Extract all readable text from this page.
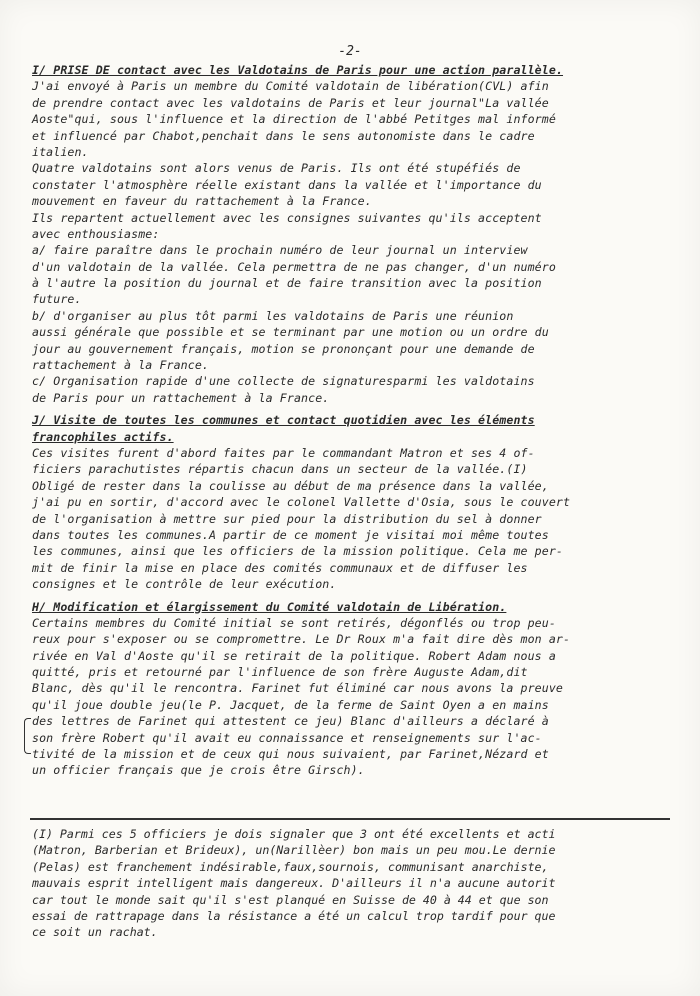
-2-
I/ PRISE DE contact avec les Valdotains de Paris pour une action parallèle.
J'ai envoyé à Paris un membre du Comité valdotain de libération(CVL) afin
de prendre contact avec les valdotains de Paris et leur journal"La vallée
Aoste"qui, sous l'influence et la direction de l'abbé Petitges mal informé
et influencé par Chabot,penchait dans le sens autonomiste dans le cadre
italien.
Quatre valdotains sont alors venus de Paris. Ils ont été stupéfiés de
constater l'atmosphère réelle existant dans la vallée et l'importance du
mouvement en faveur du rattachement à la France.
Ils repartent actuellement avec les consignes suivantes qu'ils acceptent
avec enthousiasme:
a/ faire paraître dans le prochain numéro de leur journal un interview
d'un valdotain de la vallée. Cela permettra de ne pas changer, d'un numéro
à l'autre la position du journal et de faire transition avec la position
future.
b/ d'organiser au plus tôt parmi les valdotains de Paris une réunion
aussi générale que possible et se terminant par une motion ou un ordre du
jour au gouvernement français, motion se prononçant pour une demande de
rattachement à la France.
c/ Organisation rapide d'une collecte de signaturesparmi les valdotains
de Paris pour un rattachement à la France.
J/ Visite de toutes les communes et contact quotidien avec les éléments
francophiles actifs.
Ces visites furent d'abord faites par le commandant Matron et ses 4 of-
ficiers parachutistes répartis chacun dans un secteur de la vallée.(I)
Obligé de rester dans la coulisse au début de ma présence dans la vallée,
j'ai pu en sortir, d'accord avec le colonel Vallette d'Osia, sous le couvert
de l'organisation à mettre sur pied pour la distribution du sel à donner
dans toutes les communes.A partir de ce moment je visitai moi même toutes
les communes, ainsi que les officiers de la mission politique. Cela me per-
mit de finir la mise en place des comités communaux et de diffuser les
consignes et le contrôle de leur exécution.
H/ Modification et élargissement du Comité valdotain de Libération.
Certains membres du Comité initial se sont retirés, dégonflés ou trop peu-
reux pour s'exposer ou se compromettre. Le Dr Roux m'a fait dire dès mon ar-
rivée en Val d'Aoste qu'il se retirait de la politique. Robert Adam nous a
quitté, pris et retourné par l'influence de son frère Auguste Adam,dit
Blanc, dès qu'il le rencontra. Farinet fut éliminé car nous avons la preuve
qu'il joue double jeu(le P. Jacquet, de la ferme de Saint Oyen a en mains
des lettres de Farinet qui attestent ce jeu) Blanc d'ailleurs a déclaré à
son frère Robert qu'il avait eu connaissance et renseignements sur l'ac-
tivité de la mission et de ceux qui nous suivaient, par Farinet,Nézard et
un officier français que je crois être Girsch).
(I) Parmi ces 5 officiers je dois signaler que 3 ont été excellents et acti
(Matron, Barberian et Brideux), un(Narillèer) bon mais un peu mou.Le dernie
(Pelas) est franchement indésirable,faux,sournois, communisant anarchiste,
mauvais esprit intelligent mais dangereux. D'ailleurs il n'a aucune autorit
car tout le monde sait qu'il s'est planqué en Suisse de 40 à 44 et que son
essai de rattrapage dans la résistance a été un calcul trop tardif pour que
ce soit un rachat.
